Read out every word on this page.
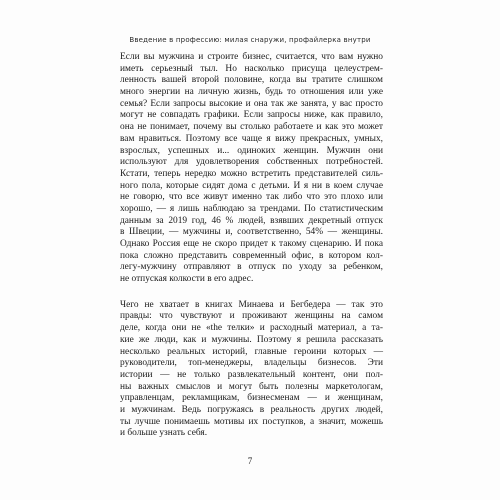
Введение в профессию: милая снаружи, профайлерка внутри
Если вы мужчина и строите бизнес, считается, что вам нужно
иметь серьезный тыл. Но насколько присуща целеустрем-
ленность вашей второй половине, когда вы тратите слишком
много энергии на личную жизнь, будь то отношения или уже
семья? Если запросы высокие и она так же занята, у вас просто
могут не совпадать графики. Если запросы ниже, как правило,
она не понимает, почему вы столько работаете и как это может
вам нравиться. Поэтому все чаще я вижу прекрасных, умных,
взрослых, успешных и... одиноких женщин. Мужчин они
используют для удовлетворения собственных потребностей.
Кстати, теперь нередко можно встретить представителей силь-
ного пола, которые сидят дома с детьми. И я ни в коем случае
не говорю, что все живут именно так либо что это плохо или
хорошо, — я лишь наблюдаю за трендами. По статистическим
данным за 2019 год, 46 % людей, взявших декретный отпуск
в Швеции, — мужчины и, соответственно, 54% — женщины.
Однако Россия еще не скоро придет к такому сценарию. И пока
пока сложно представить современный офис, в котором кол-
легу-мужчину отправляют в отпуск по уходу за ребенком,
не отпуская колкости в его адрес.
Чего не хватает в книгах Минаева и Бегбедера — так это
правды: что чувствуют и проживают женщины на самом
деле, когда они не «the телки» и расходный материал, а та-
кие же люди, как и мужчины. Поэтому я решила рассказать
несколько реальных историй, главные героини которых —
руководители, топ-менеджеры, владельцы бизнесов. Эти
истории — не только развлекательный контент, они пол-
ны важных смыслов и могут быть полезны маркетологам,
управленцам, рекламщикам, бизнесменам — и женщинам,
и мужчинам. Ведь погружаясь в реальность других людей,
ты лучше понимаешь мотивы их поступков, а значит, можешь
и больше узнать себя.
7
